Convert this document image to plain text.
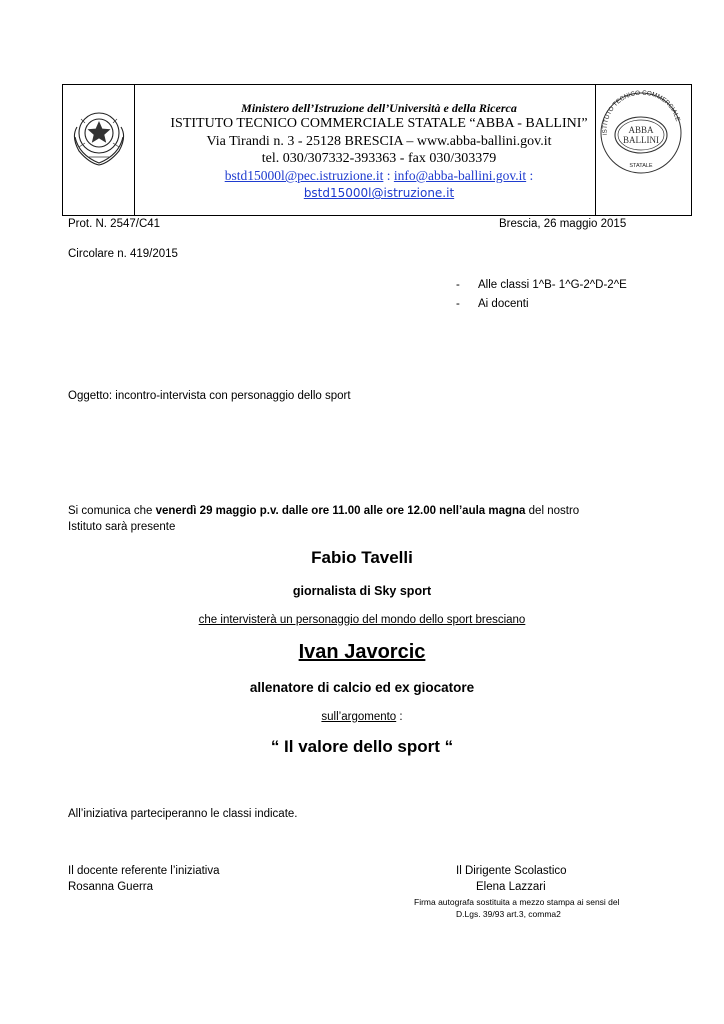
Ministero dell’Istruzione dell’Università e della Ricerca
ISTITUTO TECNICO COMMERCIALE STATALE “ABBA - BALLINI”
Via Tirandi n. 3 - 25128 BRESCIA – www.abba-ballini.gov.it
tel. 030/307332-393363 - fax 030/303379
bstd15000l@pec.istruzione.it : info@abba-ballini.gov.it :
bstd15000l@istruzione.it
ISTITUTO TECNICO COMMERCIALE
ABBA
BALLINI
STATALE
Prot. N. 2547/C41	Brescia, 26 maggio 2015
Circolare n. 419/2015
- Alle classi 1^B- 1^G-2^D-2^E
- Ai docenti
Oggetto: incontro-intervista con personaggio dello sport
Si comunica che venerdì 29 maggio p.v. dalle ore 11.00 alle ore 12.00 nell’aula magna del nostro
Istituto sarà presente
Fabio Tavelli
giornalista di Sky sport
che intervisterà un personaggio del mondo dello sport bresciano
Ivan Javorcic
allenatore di calcio ed ex giocatore
sull’argomento :
“ Il valore dello sport “
All’iniziativa parteciperanno le classi indicate.
Il docente referente l’iniziativa
Rosanna Guerra
Il Dirigente Scolastico
Elena Lazzari
Firma autografa sostituita a mezzo stampa ai sensi del
D.Lgs. 39/93 art.3, comma2
